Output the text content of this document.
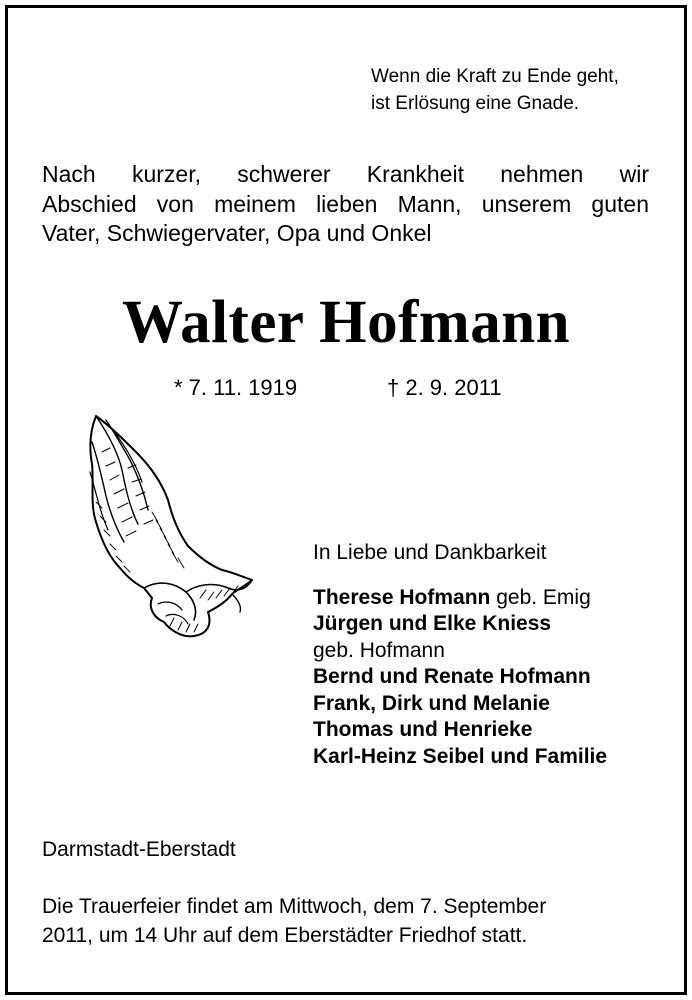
Wenn die Kraft zu Ende geht,
ist Erlösung eine Gnade.
Nach kurzer, schwerer Krankheit nehmen wir
Abschied von meinem lieben Mann, unserem guten
Vater, Schwiegervater, Opa und Onkel
Walter Hofmann
* 7. 11. 1919	† 2. 9. 2011
In Liebe und Dankbarkeit
Therese Hofmann geb. Emig
Jürgen und Elke Kniess
geb. Hofmann
Bernd und Renate Hofmann
Frank, Dirk und Melanie
Thomas und Henrieke
Karl-Heinz Seibel und Familie
Darmstadt-Eberstadt
Die Trauerfeier findet am Mittwoch, dem 7. September
2011, um 14 Uhr auf dem Eberstädter Friedhof statt.
